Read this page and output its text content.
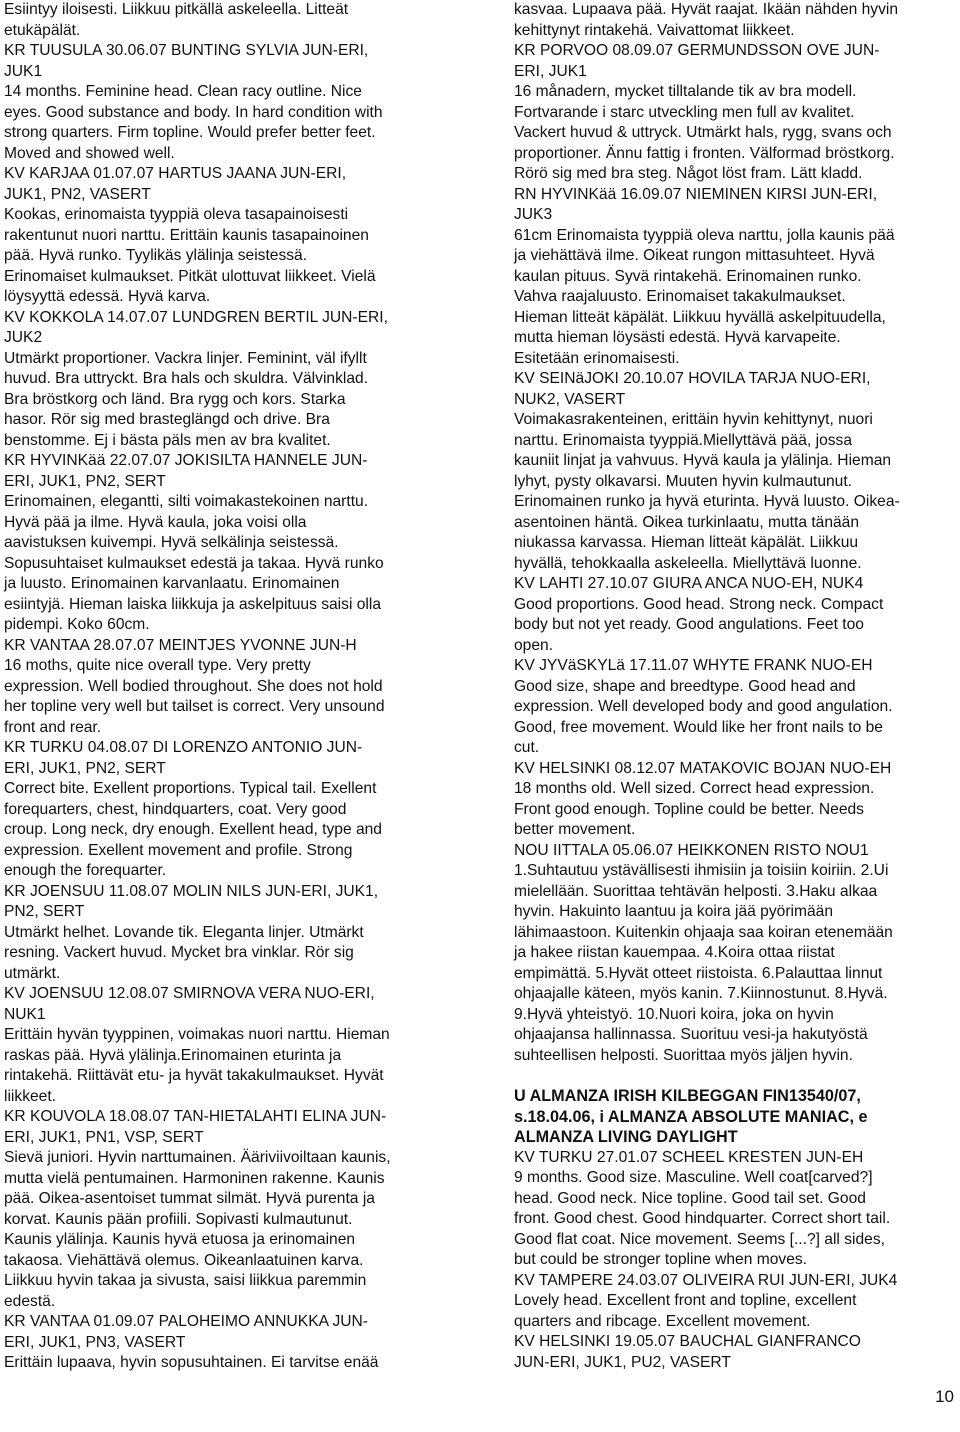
Esiintyy iloisesti. Liikkuu pitkällä askeleella. Litteät
etukäpälät.

KR TUUSULA 30.06.07 BUNTING SYLVIA JUN-ERI,
JUK1

14 months. Feminine head. Clean racy outline. Nice
eyes. Good substance and body. In hard condition with
strong quarters. Firm topline. Would prefer better feet.
Moved and showed well.

KV KARJAA 01.07.07 HARTUS JAANA JUN-ERI,
JUK1, PN2, VASERT

Kookas, erinomaista tyyppiä oleva tasapainoisesti
rakentunut nuori narttu. Erittäin kaunis tasapainoinen
pää. Hyvä runko. Tyylikäs ylälinja seistessä.
Erinomaiset kulmaukset. Pitkät ulottuvat liikkeet. Vielä
löysyyttä edessä. Hyvä karva.

KV KOKKOLA 14.07.07 LUNDGREN BERTIL JUN-ERI,
JUK2

Utmärkt proportioner. Vackra linjer. Feminint, väl ifyllt
huvud. Bra uttryckt. Bra hals och skuldra. Välvinklad.
Bra bröstkorg och länd. Bra rygg och kors. Starka
hasor. Rör sig med brasteglängd och drive. Bra
benstomme. Ej i bästa päls men av bra kvalitet.

KR HYVINKää 22.07.07 JOKISILTA HANNELE JUN-
ERI, JUK1, PN2, SERT

Erinomainen, elegantti, silti voimakastekoinen narttu.
Hyvä pää ja ilme. Hyvä kaula, joka voisi olla
aavistuksen kuivempi. Hyvä selkälinja seistessä.
Sopusuhtaiset kulmaukset edestä ja takaa. Hyvä runko
ja luusto. Erinomainen karvanlaatu. Erinomainen
esiintyjä. Hieman laiska liikkuja ja askelpituus saisi olla
pidempi. Koko 60cm.

KR VANTAA 28.07.07 MEINTJES YVONNE JUN-H

16 moths, quite nice overall type. Very pretty
expression. Well bodied throughout. She does not hold
her topline very well but tailset is correct. Very unsound
front and rear.

KR TURKU 04.08.07 DI LORENZO ANTONIO JUN-
ERI, JUK1, PN2, SERT

Correct bite. Exellent proportions. Typical tail. Exellent
forequarters, chest, hindquarters, coat. Very good
croup. Long neck, dry enough. Exellent head, type and
expression. Exellent movement and profile. Strong
enough the forequarter.

KR JOENSUU 11.08.07 MOLIN NILS JUN-ERI, JUK1,
PN2, SERT

Utmärkt helhet. Lovande tik. Eleganta linjer. Utmärkt
resning. Vackert huvud. Mycket bra vinklar. Rör sig
utmärkt.

KV JOENSUU 12.08.07 SMIRNOVA VERA NUO-ERI,
NUK1

Erittäin hyvän tyyppinen, voimakas nuori narttu. Hieman
raskas pää. Hyvä ylälinja.Erinomainen eturinta ja
rintakehä. Riittävät etu- ja hyvät takakulmaukset. Hyvät
liikkeet.

KR KOUVOLA 18.08.07 TAN-HIETALAHTI ELINA JUN-
ERI, JUK1, PN1, VSP, SERT

Sievä juniori. Hyvin narttumainen. Ääriviivoiltaan kaunis,
mutta vielä pentumainen. Harmoninen rakenne. Kaunis
pää. Oikea-asentoiset tummat silmät. Hyvä purenta ja
korvat. Kaunis pään profiili. Sopivasti kulmautunut.
Kaunis ylälinja. Kaunis hyvä etuosa ja erinomainen
takaosa. Viehättävä olemus. Oikeanlaatuinen karva.
Liikkuu hyvin takaa ja sivusta, saisi liikkua paremmin
edestä.

KR VANTAA 01.09.07 PALOHEIMO ANNUKKA JUN-
ERI, JUK1, PN3, VASERT

Erittäin lupaava, hyvin sopusuhtainen. Ei tarvitse enää

kasvaa. Lupaava pää. Hyvät raajat. Ikään nähden hyvin
kehittynyt rintakehä. Vaivattomat liikkeet.

KR PORVOO 08.09.07 GERMUNDSSON OVE JUN-
ERI, JUK1

16 månadern, mycket tilltalande tik av bra modell.
Fortvarande i starc utveckling men full av kvalitet.
Vackert huvud & uttryck. Utmärkt hals, rygg, svans och
proportioner. Ännu fattig i fronten. Välformad bröstkorg.
Rörö sig med bra steg. Något löst fram. Lätt kladd.

RN HYVINKää 16.09.07 NIEMINEN KIRSI JUN-ERI,
JUK3

61cm Erinomaista tyyppiä oleva narttu, jolla kaunis pää
ja viehättävä ilme. Oikeat rungon mittasuhteet. Hyvä
kaulan pituus. Syvä rintakehä. Erinomainen runko.
Vahva raajaluusto. Erinomaiset takakulmaukset.
Hieman litteät käpälät. Liikkuu hyvällä askelpituudella,
mutta hieman löysästi edestä. Hyvä karvapeite.
Esitetään erinomaisesti.

KV SEINäJOKI 20.10.07 HOVILA TARJA NUO-ERI,
NUK2, VASERT

Voimakasrakenteinen, erittäin hyvin kehittynyt, nuori
narttu. Erinomaista tyyppiä.Miellyttävä pää, jossa
kauniit linjat ja vahvuus. Hyvä kaula ja ylälinja. Hieman
lyhyt, pysty olkavarsi. Muuten hyvin kulmautunut.
Erinomainen runko ja hyvä eturinta. Hyvä luusto. Oikea-
asentoinen häntä. Oikea turkinlaatu, mutta tänään
niukassa karvassa. Hieman litteät käpälät. Liikkuu
hyvällä, tehokkaalla askeleella. Miellyttävä luonne.

KV LAHTI 27.10.07 GIURA ANCA NUO-EH, NUK4

Good proportions. Good head. Strong neck. Compact
body but not yet ready. Good angulations. Feet too
open.

KV JYVäSKYLä 17.11.07 WHYTE FRANK NUO-EH

Good size, shape and breedtype. Good head and
expression. Well developed body and good angulation.
Good, free movement. Would like her front nails to be
cut.

KV HELSINKI 08.12.07 MATAKOVIC BOJAN NUO-EH

18 months old. Well sized. Correct head expression.
Front good enough. Topline could be better. Needs
better movement.

NOU IITTALA 05.06.07 HEIKKONEN RISTO NOU1

1.Suhtautuu ystävällisesti ihmisiin ja toisiin koiriin. 2.Ui
mielellään. Suorittaa tehtävän helposti. 3.Haku alkaa
hyvin. Hakuinto laantuu ja koira jää pyörimään
lähimaastoon. Kuitenkin ohjaaja saa koiran etenemään
ja hakee riistan kauempaa. 4.Koira ottaa riistat
empimättä. 5.Hyvät otteet riistoista. 6.Palauttaa linnut
ohjaajalle käteen, myös kanin. 7.Kiinnostunut. 8.Hyvä.
9.Hyvä yhteistyö. 10.Nuori koira, joka on hyvin
ohjaajansa hallinnassa. Suorituu vesi-ja hakutyöstä
suhteellisen helposti. Suorittaa myös jäljen hyvin.

U ALMANZA IRISH KILBEGGAN FIN13540/07,
s.18.04.06, i ALMANZA ABSOLUTE MANIAC, e
ALMANZA LIVING DAYLIGHT

KV TURKU 27.01.07 SCHEEL KRESTEN JUN-EH

9 months. Good size. Masculine. Well coat[carved?]
head. Good neck. Nice topline. Good tail set. Good
front. Good chest. Good hindquarter. Correct short tail.
Good flat coat. Nice movement. Seems [...?] all sides,
but could be stronger topline when moves.

KV TAMPERE 24.03.07 OLIVEIRA RUI JUN-ERI, JUK4

Lovely head. Excellent front and topline, excellent
quarters and ribcage. Excellent movement.

KV HELSINKI 19.05.07 BAUCHAL GIANFRANCO
JUN-ERI, JUK1, PU2, VASERT

10
